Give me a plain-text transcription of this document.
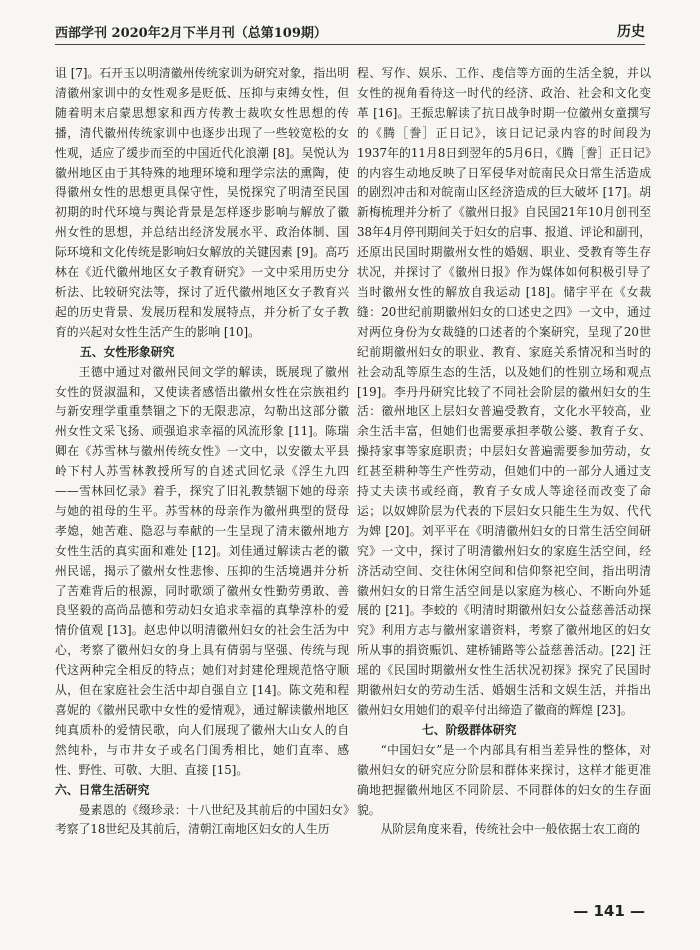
西部学刊 2020年2月下半月刊（总第109期）	历史

诅 [7]。石开玉以明清徽州传统家训为研究对象，指出明清徽州家训中的女性观多是贬低、压抑与束缚女性，但随着明末启蒙思想家和西方传教士裁吹女性思想的传播，清代徽州传统家训中也逐步出现了一些较宽松的女性观，适应了缓步而至的中国近代化浪潮 [8]。吴悦认为徽州地区由于其特殊的地理环境和理学宗法的熏陶，使得徽州女性的思想更具保守性，吴悦探究了明清至民国初期的时代环境与舆论背景是怎样逐步影响与解放了徽州女性的思想，并总结出经济发展水平、政治体制、国际环境和文化传统是影响妇女解放的关键因素 [9]。高巧林在《近代徽州地区女子教育研究》一文中采用历史分析法、比较研究法等，探讨了近代徽州地区女子教育兴起的历史背景、发展历程和发展特点，并分析了女子教育的兴起对女性生活产生的影响 [10]。

五、女性形象研究

王德中通过对徽州民间文学的解读，既展现了徽州女性的贤淑温和，又使读者感悟出徽州女性在宗族祖约与新安理学重重禁锢之下的无限悲凉，勾勒出这部分徽州女性文采飞扬、顽强追求幸福的风流形象 [11]。陈瑞卿在《苏雪林与徽州传统女性》一文中，以安徽太平县岭下村人苏雪林教授所写的自述式回忆录《浮生九四——雪林回忆录》着手，探究了旧礼教禁锢下她的母亲与她的祖母的生平。苏雪林的母亲作为徽州典型的贤母孝媳，她苦难、隐忍与奉献的一生呈现了清末徽州地方女性生活的真实面和难处 [12]。刘佳通过解读古老的徽州民谣，揭示了徽州女性悲惨、压抑的生活境遇并分析了苦难背后的根源，同时歌颂了徽州女性勤劳勇敢、善良坚毅的高尚品德和劳动妇女追求幸福的真挚淳朴的爱情价值观 [13]。赵忠仲以明清徽州妇女的社会生活为中心，考察了徽州妇女的身上具有倩弱与坚强、传统与现代这两种完全相反的特点；她们对封建伦理规范恪守顺从，但在家庭社会生活中却自强自立 [14]。陈文苑和程喜妮的《徽州民歌中女性的爱情观》，通过解读徽州地区纯真质朴的爱情民歌，向人们展现了徽州大山女人的自然纯朴，与市井女子或名门闺秀相比，她们直率、感性、野性、可敬、大胆、直接 [15]。

六、日常生活研究

曼素恩的《缀珍录：十八世纪及其前后的中国妇女》考察了18世纪及其前后，清朝江南地区妇女的人生历

程、写作、娱乐、工作、虔信等方面的生活全貌，并以女性的视角看待这一时代的经济、政治、社会和文化变革 [16]。王振忠解读了抗日战争时期一位徽州女童撰写的《腾［誊］正日记》，该日记记录内容的时间段为1937年的11月8日到翌年的5月6日，《腾［誊］正日记》的内容生动地反映了日军侵华对皖南民众日常生活造成的剧烈冲击和对皖南山区经济造成的巨大破坏 [17]。胡新梅梳理并分析了《徽州日报》自民国21年10月创刊至38年4月停刊期间关于妇女的启事、报道、评论和副刊，还原出民国时期徽州女性的婚姻、职业、受教育等生存状况，并探讨了《徽州日报》作为媒体如何积极引导了当时徽州女性的解放自我运动 [18]。储宇平在《女裁缝：20世纪前期徽州妇女的口述史之四》一文中，通过对两位身份为女裁缝的口述者的个案研究，呈现了20世纪前期徽州妇女的职业、教育、家庭关系情况和当时的社会动乱等原生态的生活，以及她们的性别立场和观点 [19]。李丹丹研究比较了不同社会阶层的徽州妇女的生活：徽州地区上层妇女普遍受教育，文化水平较高，业余生活丰富，但她们也需要承担孝敬公婆、教育子女、操持家事等家庭职责；中层妇女普遍需要参加劳动，女红甚至耕种等生产性劳动，但她们中的一部分人通过支持丈夫读书或经商，教育子女成人等途径而改变了命运；以奴婢阶层为代表的下层妇女只能生生为奴、代代为婢 [20]。刘平平在《明清徽州妇女的日常生活空间研究》一文中，探讨了明清徽州妇女的家庭生活空间，经济活动空间、交往休闲空间和信仰祭祀空间，指出明清徽州妇女的日常生活空间是以家庭为核心、不断向外延展的 [21]。李蛟的《明清时期徽州妇女公益慈善活动探究》利用方志与徽州家谱资料，考察了徽州地区的妇女所从事的捐资赈饥、建桥铺路等公益慈善活动。[22] 汪瑶的《民国时期徽州女性生活状况初探》探究了民国时期徽州妇女的劳动生活、婚姻生活和文娱生活，并指出徽州妇女用她们的艰辛付出缔造了徽商的辉煌 [23]。

七、阶级群体研究

“中国妇女”是一个内部具有相当差异性的整体，对徽州妇女的研究应分阶层和群体来探讨，这样才能更准确地把握徽州地区不同阶层、不同群体的妇女的生存面貌。

从阶层角度来看，传统社会中一般依据士农工商的

— 141 —
